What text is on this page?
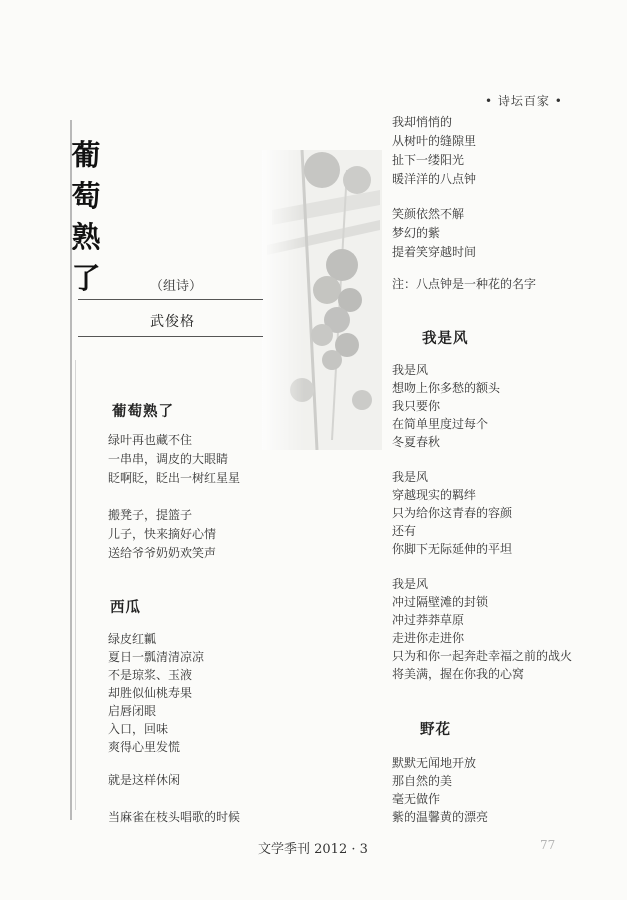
• 诗坛百家 •
葡
萄
熟
了	（组诗）
武俊格
葡萄熟了
绿叶再也藏不住
一串串，调皮的大眼睛
眨啊眨，眨出一树红星星
搬凳子，提篮子
儿子，快来摘好心情
送给爷爷奶奶欢笑声
西瓜
绿皮红瓤
夏日一瓢清清凉凉
不是琼浆、玉液
却胜似仙桃寿果
启唇闭眼
入口，回味
爽得心里发慌
就是这样休闲
当麻雀在枝头唱歌的时候
我却悄悄的
从树叶的缝隙里
扯下一缕阳光
暖洋洋的八点钟
笑颜依然不解
梦幻的紫
提着笑穿越时间
注：八点钟是一种花的名字
我是风
我是风
想吻上你多愁的额头
我只要你
在简单里度过每个
冬夏春秋
我是风
穿越现实的羁绊
只为给你这青春的容颜
还有
你脚下无际延伸的平坦
我是风
冲过隔壁滩的封锁
冲过莽莽草原
走进你走进你
只为和你一起奔赴幸福之前的战火
将美满，握在你我的心窝
野花
默默无闻地开放
那自然的美
毫无做作
紫的温馨黄的漂亮
文学季刊 2012 · 3	77
